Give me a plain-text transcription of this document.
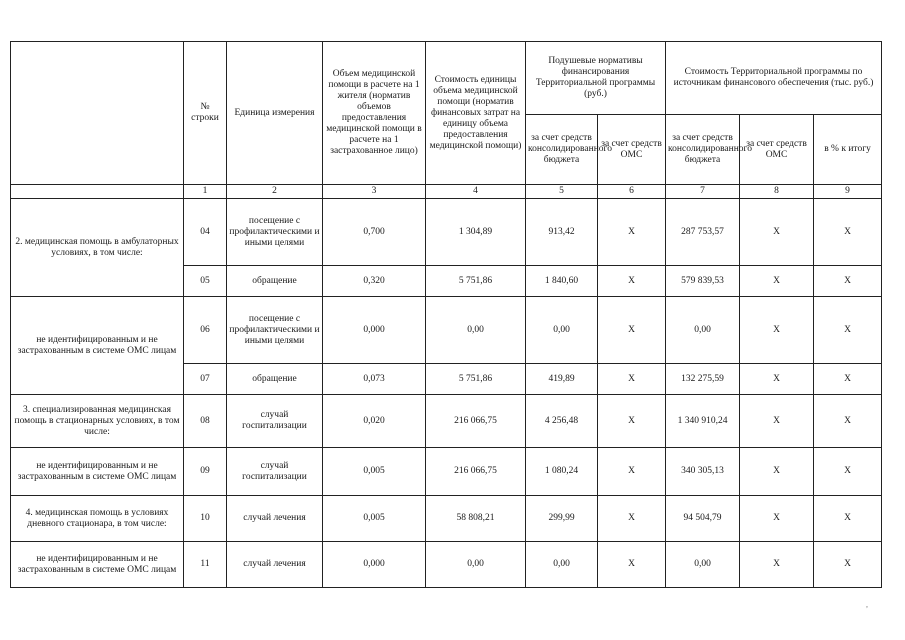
	№ строки	Единица измерения	Объем медицинской помощи в расчете на 1 жителя (норматив объемов предоставления медицинской помощи в расчете на 1 застрахованное лицо)	Стоимость единицы объема медицинской помощи (норматив финансовых затрат на единицу объема предоставления медицинской помощи)	Подушевые нормативы финансирования Территориальной программы (руб.)		Стоимость Территориальной программы по источникам финансового обеспечения (тыс. руб.)		
					за счет средств консолидированного бюджета	за счет средств ОМС	за счет средств консолидированного бюджета	за счет средств ОМС	в % к итогу
	1	2	3	4	5	6	7	8	9
2. медицинская помощь в амбулаторных условиях, в том числе:	04	посещение с профилактическими и иными целями	0,700	1 304,89	913,42	X	287 753,57	X	X
	05	обращение	0,320	5 751,86	1 840,60	X	579 839,53	X	X
не идентифицированным и не застрахованным в системе ОМС лицам	06	посещение с профилактическими и иными целями	0,000	0,00	0,00	X	0,00	X	X
	07	обращение	0,073	5 751,86	419,89	X	132 275,59	X	X
3. специализированная медицинская помощь в стационарных условиях, в том числе:	08	случай госпитализации	0,020	216 066,75	4 256,48	X	1 340 910,24	X	X
не идентифицированным и не застрахованным в системе ОМС лицам	09	случай госпитализации	0,005	216 066,75	1 080,24	X	340 305,13	X	X
4. медицинская помощь в условиях дневного стационара, в том числе:	10	случай лечения	0,005	58 808,21	299,99	X	94 504,79	X	X
не идентифицированным и не застрахованным в системе ОМС лицам	11	случай лечения	0,000	0,00	0,00	X	0,00	X	X
,
